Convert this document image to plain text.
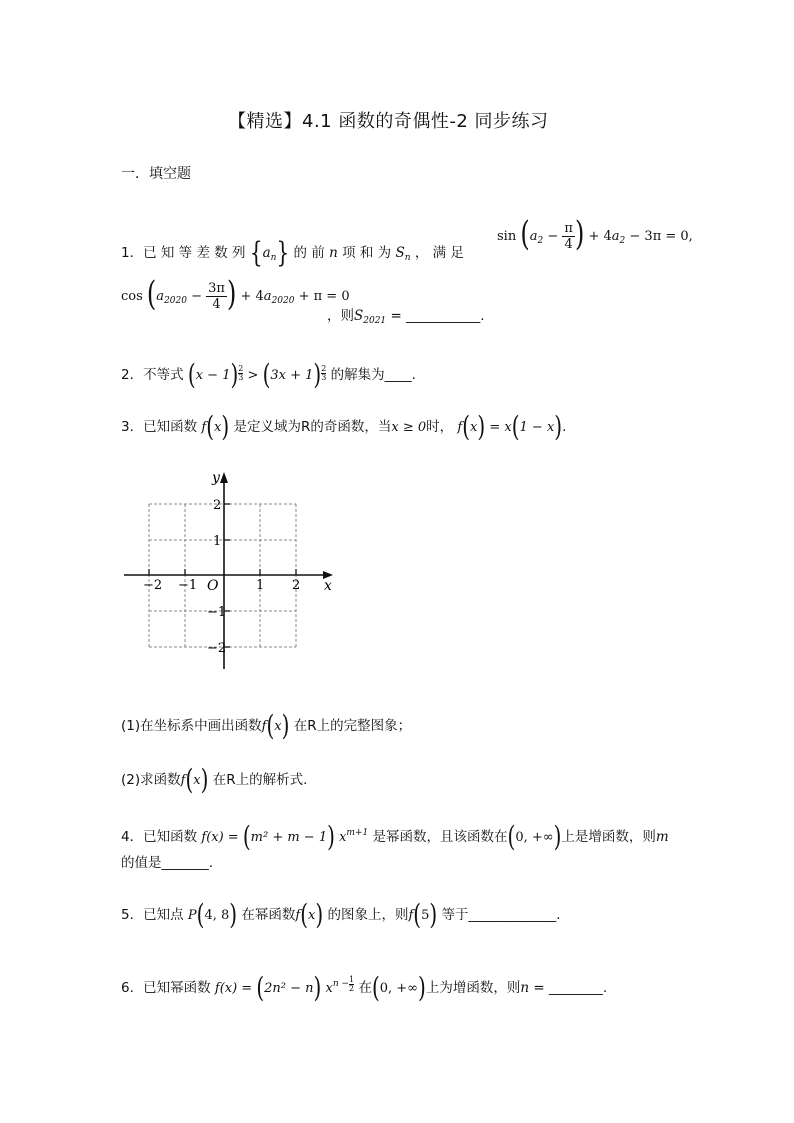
【精选】4.1 函数的奇偶性-2 同步练习
一．填空题
1．已 知 等 差 数 列 $\{a_n\}$ 的 前 n 项 和 为 $S_n$ ， 满 足
$\sin (a_2 - \frac{\pi}{4}$ ) + $4a_2 - 3\pi = 0$,
$\cos (a_{2020} - \frac{3\pi}{4}$ ) + $4a_{2020} + \pi = 0$
，则$S_{2021}$ = ___________.
2．不等式 $(x - 1) \frac{2}{3} > (3x + 1) \frac{2}{3}$ 的解集为____.
3．已知函数 f(x) 是定义域为R的奇函数，当x ≥ 0时， f(x) = x(1 − x).
x
y
O
−2 −1	1 2
2
1
−1
−2
(1)在坐标系中画出函数f(x) 在R上的完整图象；
(2)求函数f(x) 在R上的解析式.
4．已知函数 f(x) = (m² + m − 1) $x^{m+1}$ 是幂函数，且该函数在(0, +∞)上是增函数，则m
的值是_______.
5．已知点 P(4, 8) 在幂函数f(x) 的图象上，则f(5) 等于_____________.
6．已知幂函数 f(x) = (2n² − n) $x^{n -} \frac{1}{2}$ 在(0, +∞)上为增函数，则n = ________.
